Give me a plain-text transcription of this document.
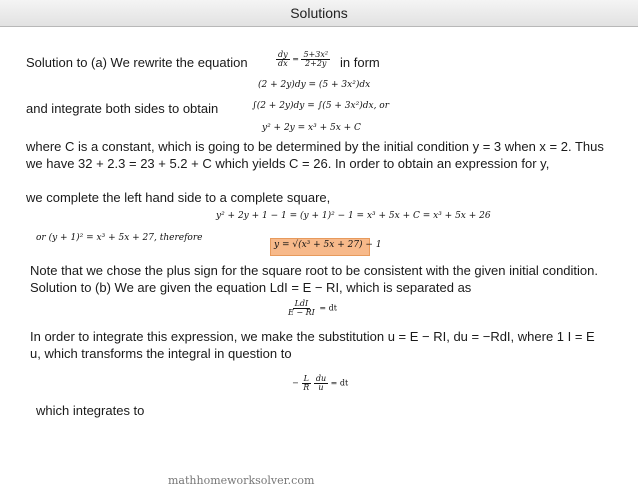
Solutions
Solution to (a) We rewrite the equation	$\frac{dy}{dx} = \frac{\text{5+3x²}}{2+2y}$ in form
(2 + 2y)dy = (5 + 3x²)dx
and integrate both sides to obtain	∫(2 + 2y)dy = ∫(5 + 3x²)dx, or
y² + 2y = x³ + 5x + C
where C is a constant, which is going to be determined by the initial condition y = 3 when x = 2. Thus we have 32 + 2.3 = 23 + 5.2 + C which yields C = 26. In order to obtain an expression for y,
we complete the left hand side to a complete square,
y² + 2y + 1 − 1 = (y + 1)² − 1 = x³ + 5x + C = x³ + 5x + 26
or (y + 1)² = x³ + 5x + 27, therefore
y = √(x³ + 5x + 27) − 1
Note that we chose the plus sign for the square root to be consistent with the given initial condition. Solution to (b) We are given the equation LdI = E − RI, which is separated as
$\frac{\text{LdI}}{E - RI}$ = dt
In order to integrate this expression, we make the substitution u = E − RI, du = −RdI, where 1 I = E u, which transforms the integral in question to
− $\frac{L}{R}$
$\frac{du}{u}$ = dt
which integrates to
mathhomeworksolver.com
